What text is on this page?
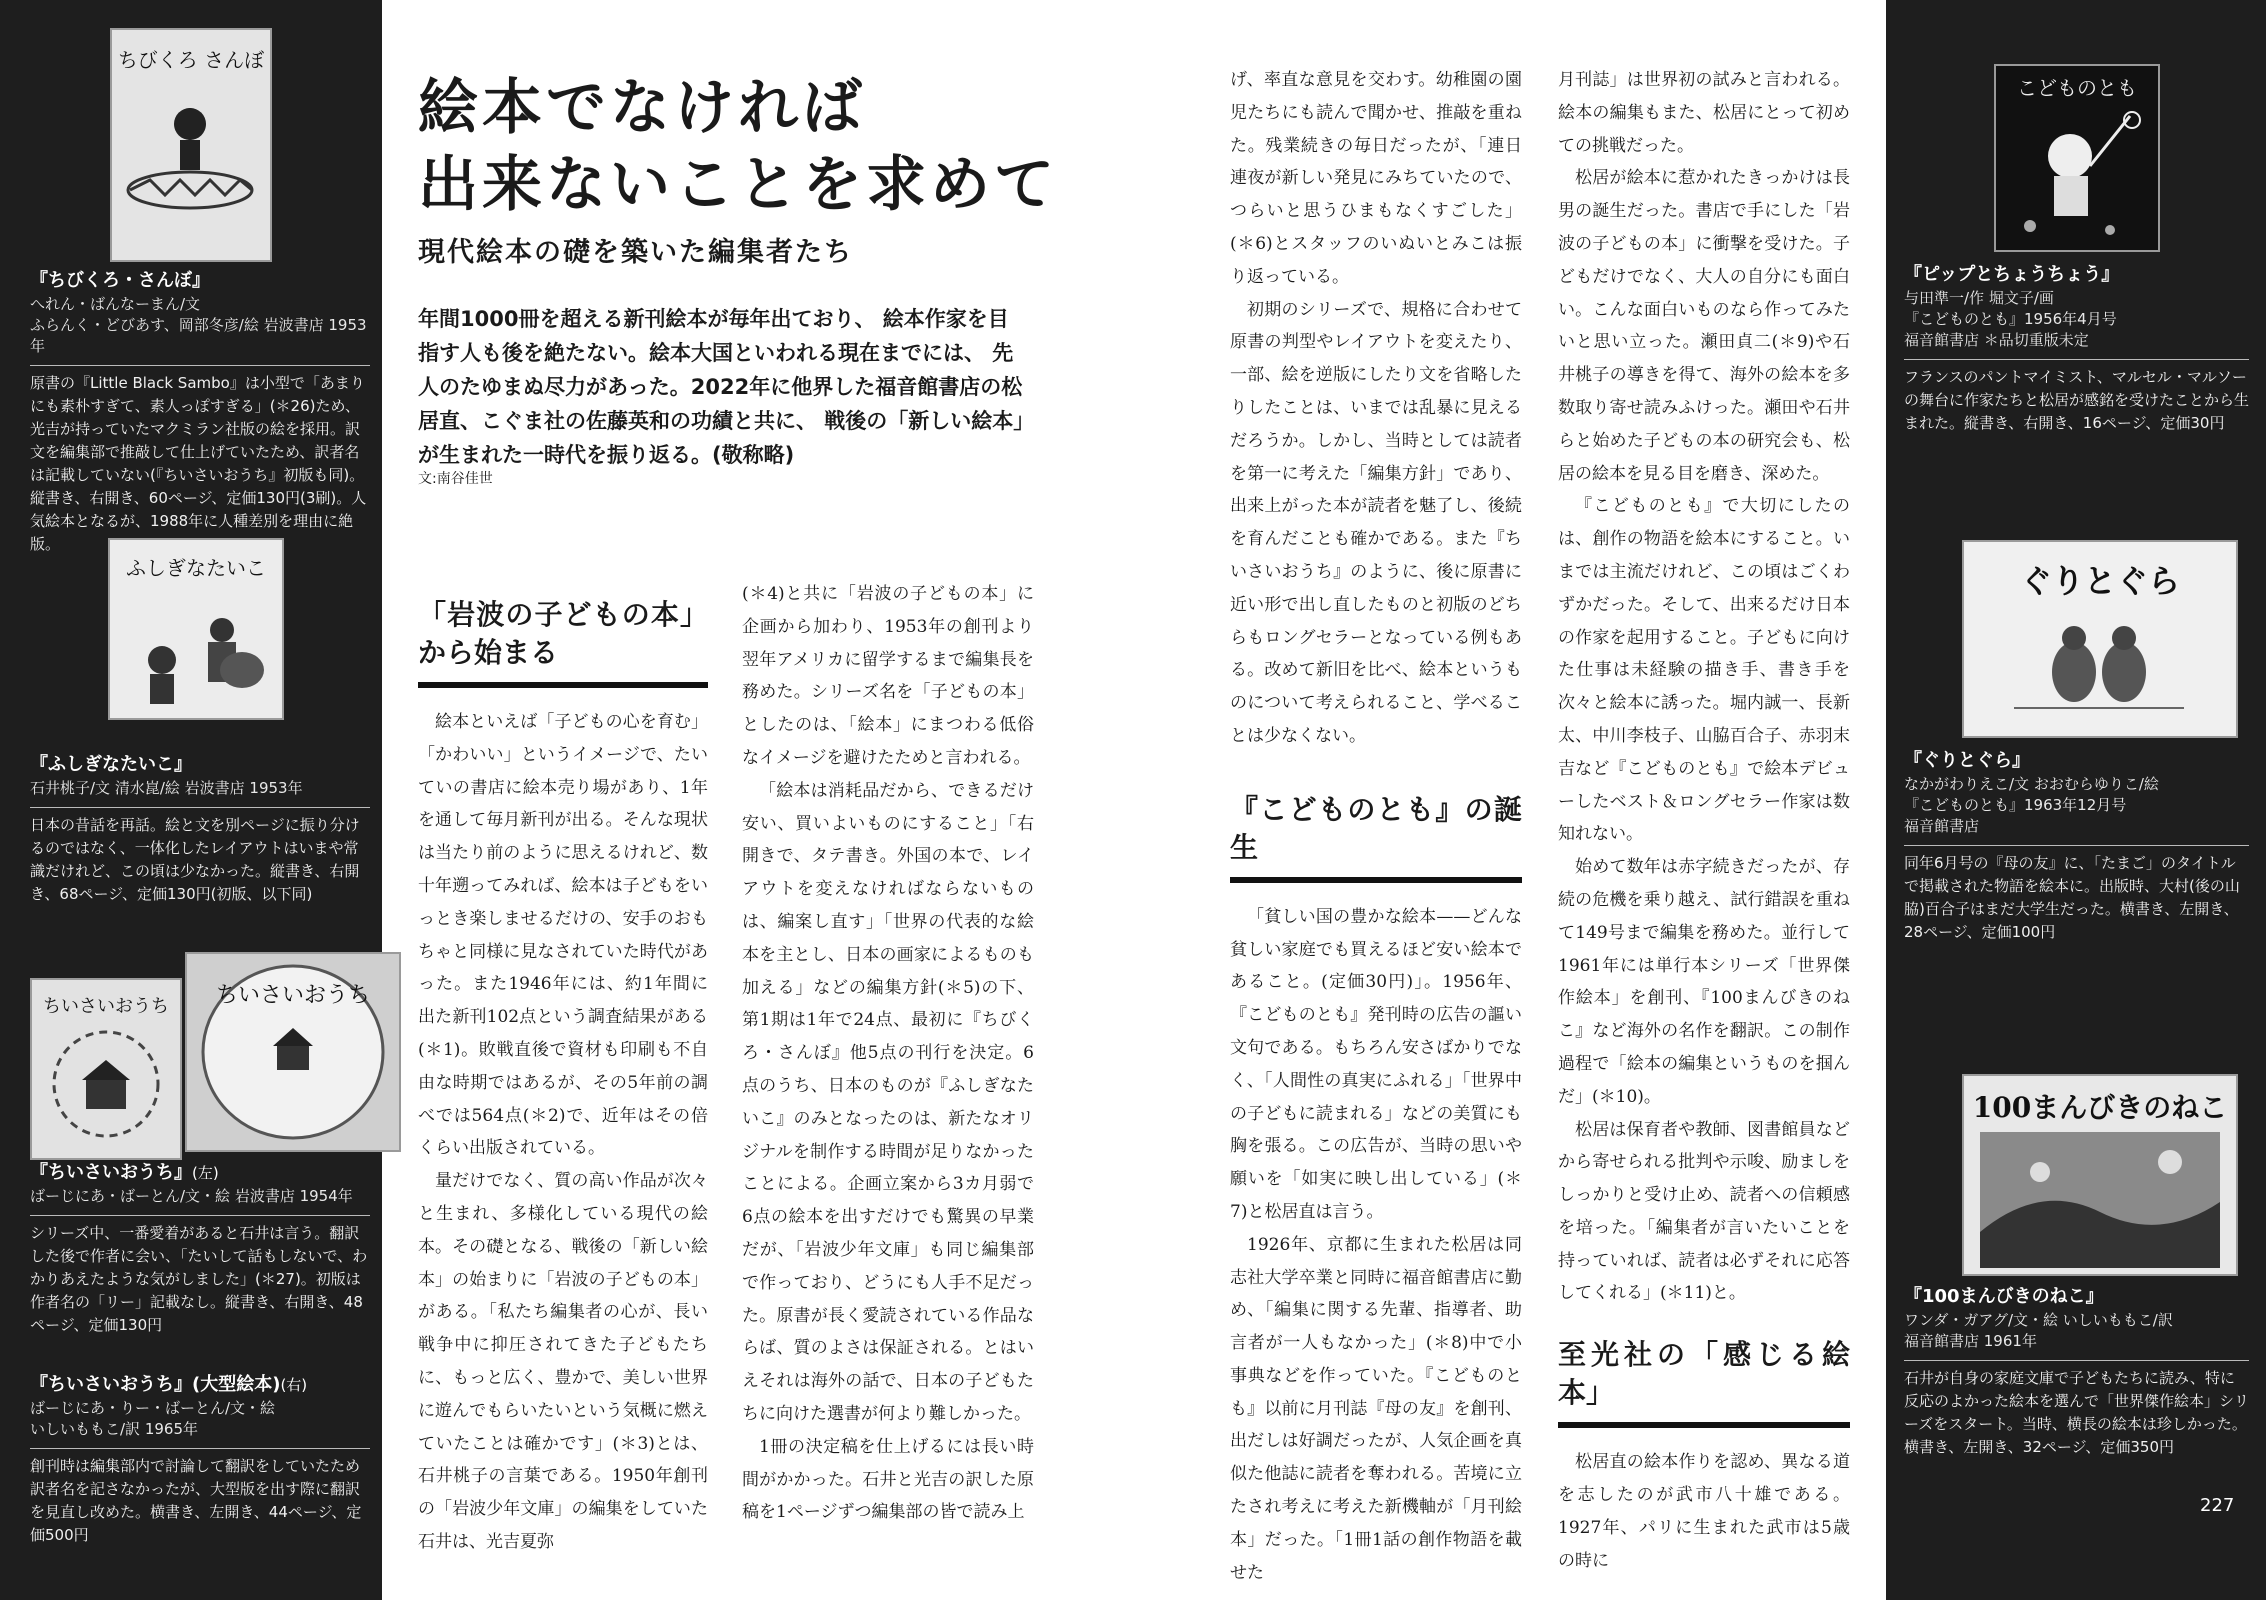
ちびくろ さんぼ
『ちびくろ・さんぼ』
へれん・ばんなーまん/文
ふらんく・どびあす、岡部冬彦/絵 岩波書店 1953年
原書の『Little Black Sambo』は小型で「あまりにも素朴すぎて、素人っぽすぎる」(＊26)ため、光吉が持っていたマクミラン社版の絵を採用。訳文を編集部で推敲して仕上げていたため、訳者名は記載していない(『ちいさいおうち』初版も同)。縦書き、右開き、60ページ、定価130円(3刷)。人気絵本となるが、1988年に人種差別を理由に絶版。
ふしぎなたいこ
『ふしぎなたいこ』
石井桃子/文 清水崑/絵 岩波書店 1953年
日本の昔話を再話。絵と文を別ページに振り分けるのではなく、一体化したレイアウトはいまや常識だけれど、この頃は少なかった。縦書き、右開き、68ページ、定価130円(初版、以下同)
ちいさいおうち	ちいさいおうち
『ちいさいおうち』(左)
ばーじにあ・ばーとん/文・絵 岩波書店 1954年
シリーズ中、一番愛着があると石井は言う。翻訳した後で作者に会い、「たいして話もしないで、わかりあえたような気がしました」(＊27)。初版は作者名の「リー」記載なし。縦書き、右開き、48ページ、定価130円
『ちいさいおうち』(大型絵本)(右)
ばーじにあ・りー・ばーとん/文・絵
いしいももこ/訳 1965年
創刊時は編集部内で討論して翻訳をしていたため訳者名を記さなかったが、大型版を出す際に翻訳を見直し改めた。横書き、左開き、44ページ、定価500円
絵本でなければ
出来ないことを求めて
現代絵本の礎を築いた編集者たち

年間1000冊を超える新刊絵本が毎年出ており、 絵本作家を目指す人も後を絶たない。絵本大国といわれる現在までには、 先人のたゆまぬ尽力があった。2022年に他界した福音館書店の松居直、こぐま社の佐藤英和の功績と共に、 戦後の「新しい絵本」が生まれた一時代を振り返る。(敬称略)

文:南谷佳世
「岩波の子どもの本」から始まる

絵本といえば「子どもの心を育む」「かわいい」というイメージで、たいていの書店に絵本売り場があり、1年を通して毎月新刊が出る。そんな現状は当たり前のように思えるけれど、数十年遡ってみれば、絵本は子どもをいっとき楽しませるだけの、安手のおもちゃと同様に見なされていた時代があった。また1946年には、約1年間に出た新刊102点という調査結果がある(＊1)。敗戦直後で資材も印刷も不自由な時期ではあるが、その5年前の調べでは564点(＊2)で、近年はその倍くらい出版されている。

量だけでなく、質の高い作品が次々と生まれ、多様化している現代の絵本。その礎となる、戦後の「新しい絵本」の始まりに「岩波の子どもの本」がある。「私たち編集者の心が、長い戦争中に抑圧されてきた子どもたちに、もっと広く、豊かで、美しい世界に遊んでもらいたいという気概に燃えていたことは確かです」(＊3)とは、石井桃子の言葉である。1950年創刊の「岩波少年文庫」の編集をしていた石井は、光吉夏弥

(＊4)と共に「岩波の子どもの本」に企画から加わり、1953年の創刊より翌年アメリカに留学するまで編集長を務めた。シリーズ名を「子どもの本」としたのは、「絵本」にまつわる低俗なイメージを避けたためと言われる。

「絵本は消耗品だから、できるだけ安い、買いよいものにすること」「右開きで、タテ書き。外国の本で、レイアウトを変えなければならないものは、編案し直す」「世界の代表的な絵本を主とし、日本の画家によるものも加える」などの編集方針(＊5)の下、第1期は1年で24点、最初に『ちびくろ・さんぼ』他5点の刊行を決定。6点のうち、日本のものが『ふしぎなたいこ』のみとなったのは、新たなオリジナルを制作する時間が足りなかったことによる。企画立案から3カ月弱で6点の絵本を出すだけでも驚異の早業だが、「岩波少年文庫」も同じ編集部で作っており、どうにも人手不足だった。原書が長く愛読されている作品ならば、質のよさは保証される。とはいえそれは海外の話で、日本の子どもたちに向けた選書が何より難しかった。

1冊の決定稿を仕上げるには長い時間がかかった。石井と光吉の訳した原稿を1ページずつ編集部の皆で読み上

げ、率直な意見を交わす。幼稚園の園児たちにも読んで聞かせ、推敲を重ねた。残業続きの毎日だったが、「連日連夜が新しい発見にみちていたので、つらいと思うひまもなくすごした」(＊6)とスタッフのいぬいとみこは振り返っている。

初期のシリーズで、規格に合わせて原書の判型やレイアウトを変えたり、一部、絵を逆版にしたり文を省略したりしたことは、いまでは乱暴に見えるだろうか。しかし、当時としては読者を第一に考えた「編集方針」であり、出来上がった本が読者を魅了し、後続を育んだことも確かである。また『ちいさいおうち』のように、後に原書に近い形で出し直したものと初版のどちらもロングセラーとなっている例もある。改めて新旧を比べ、絵本というものについて考えられること、学べることは少なくない。

『こどものとも』の誕生

「貧しい国の豊かな絵本——どんな貧しい家庭でも買えるほど安い絵本であること。(定価30円)」。1956年、『こどものとも』発刊時の広告の謳い文句である。もちろん安さばかりでなく、「人間性の真実にふれる」「世界中の子どもに読まれる」などの美質にも胸を張る。この広告が、当時の思いや願いを「如実に映し出している」(＊7)と松居直は言う。

1926年、京都に生まれた松居は同志社大学卒業と同時に福音館書店に勤め、「編集に関する先輩、指導者、助言者が一人もなかった」(＊8)中で小事典などを作っていた。『こどものとも』以前に月刊誌『母の友』を創刊、出だしは好調だったが、人気企画を真似た他誌に読者を奪われる。苦境に立たされ考えに考えた新機軸が「月刊絵本」だった。「1冊1話の創作物語を載せた

月刊誌」は世界初の試みと言われる。絵本の編集もまた、松居にとって初めての挑戦だった。

松居が絵本に惹かれたきっかけは長男の誕生だった。書店で手にした「岩波の子どもの本」に衝撃を受けた。子どもだけでなく、大人の自分にも面白い。こんな面白いものなら作ってみたいと思い立った。瀬田貞二(＊9)や石井桃子の導きを得て、海外の絵本を多数取り寄せ読みふけった。瀬田や石井らと始めた子どもの本の研究会も、松居の絵本を見る目を磨き、深めた。

『こどものとも』で大切にしたのは、創作の物語を絵本にすること。いまでは主流だけれど、この頃はごくわずかだった。そして、出来るだけ日本の作家を起用すること。子どもに向けた仕事は未経験の描き手、書き手を次々と絵本に誘った。堀内誠一、長新太、中川李枝子、山脇百合子、赤羽末吉など『こどものとも』で絵本デビューしたベスト＆ロングセラー作家は数知れない。

始めて数年は赤字続きだったが、存続の危機を乗り越え、試行錯誤を重ねて149号まで編集を務めた。並行して1961年には単行本シリーズ「世界傑作絵本」を創刊、『100まんびきのねこ』など海外の名作を翻訳。この制作過程で「絵本の編集というものを掴んだ」(＊10)。

松居は保育者や教師、図書館員などから寄せられる批判や示唆、励ましをしっかりと受け止め、読者への信頼感を培った。「編集者が言いたいことを持っていれば、読者は必ずそれに応答してくれる」(＊11)と。

至光社の「感じる絵本」

松居直の絵本作りを認め、異なる道を志したのが武市八十雄である。1927年、パリに生まれた武市は5歳の時に

こどものとも
『ピップとちょうちょう』
与田準一/作 堀文子/画
『こどものとも』1956年4月号
福音館書店 ＊品切重版未定
フランスのパントマイミスト、マルセル・マルソーの舞台に作家たちと松居が感銘を受けたことから生まれた。縦書き、右開き、16ページ、定価30円
ぐりとぐら
『ぐりとぐら』
なかがわりえこ/文 おおむらゆりこ/絵
『こどものとも』1963年12月号
福音館書店
同年6月号の『母の友』に、「たまご」のタイトルで掲載された物語を絵本に。出版時、大村(後の山脇)百合子はまだ大学生だった。横書き、左開き、28ページ、定価100円
100まんびきのねこ
『100まんびきのねこ』
ワンダ・ガアグ/文・絵 いしいももこ/訳
福音館書店 1961年
石井が自身の家庭文庫で子どもたちに読み、特に反応のよかった絵本を選んで「世界傑作絵本」シリーズをスタート。当時、横長の絵本は珍しかった。横書き、左開き、32ページ、定価350円
227
